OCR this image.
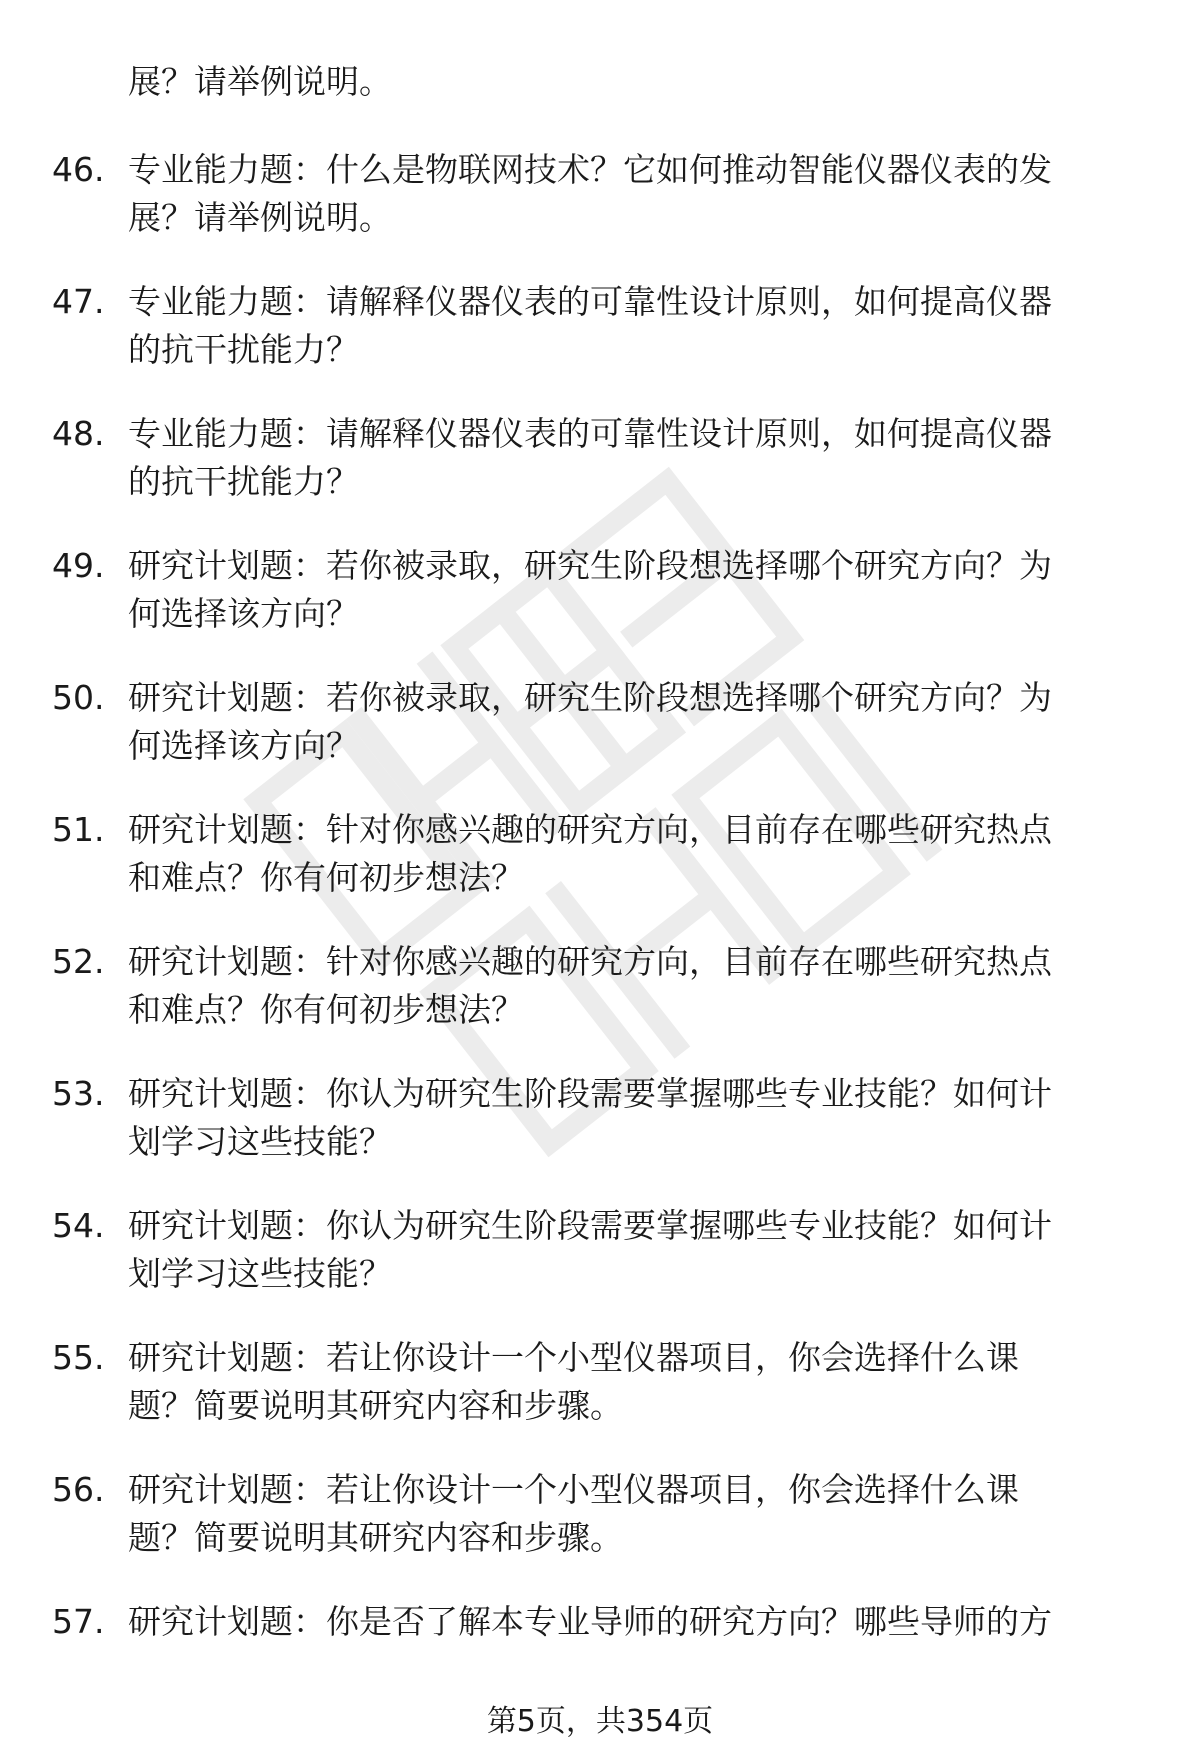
展？请举例说明。
46. 专业能力题：什么是物联网技术？它如何推动智能仪器仪表的发
展？请举例说明。
47. 专业能力题：请解释仪器仪表的可靠性设计原则，如何提高仪器
的抗干扰能力？
48. 专业能力题：请解释仪器仪表的可靠性设计原则，如何提高仪器
的抗干扰能力？
49. 研究计划题：若你被录取，研究生阶段想选择哪个研究方向？为
何选择该方向？
50. 研究计划题：若你被录取，研究生阶段想选择哪个研究方向？为
何选择该方向？
51. 研究计划题：针对你感兴趣的研究方向，目前存在哪些研究热点
和难点？你有何初步想法？
52. 研究计划题：针对你感兴趣的研究方向，目前存在哪些研究热点
和难点？你有何初步想法？
53. 研究计划题：你认为研究生阶段需要掌握哪些专业技能？如何计
划学习这些技能？
54. 研究计划题：你认为研究生阶段需要掌握哪些专业技能？如何计
划学习这些技能？
55. 研究计划题：若让你设计一个小型仪器项目，你会选择什么课
题？简要说明其研究内容和步骤。
56. 研究计划题：若让你设计一个小型仪器项目，你会选择什么课
题？简要说明其研究内容和步骤。
57. 研究计划题：你是否了解本专业导师的研究方向？哪些导师的方
第5页，共354页
